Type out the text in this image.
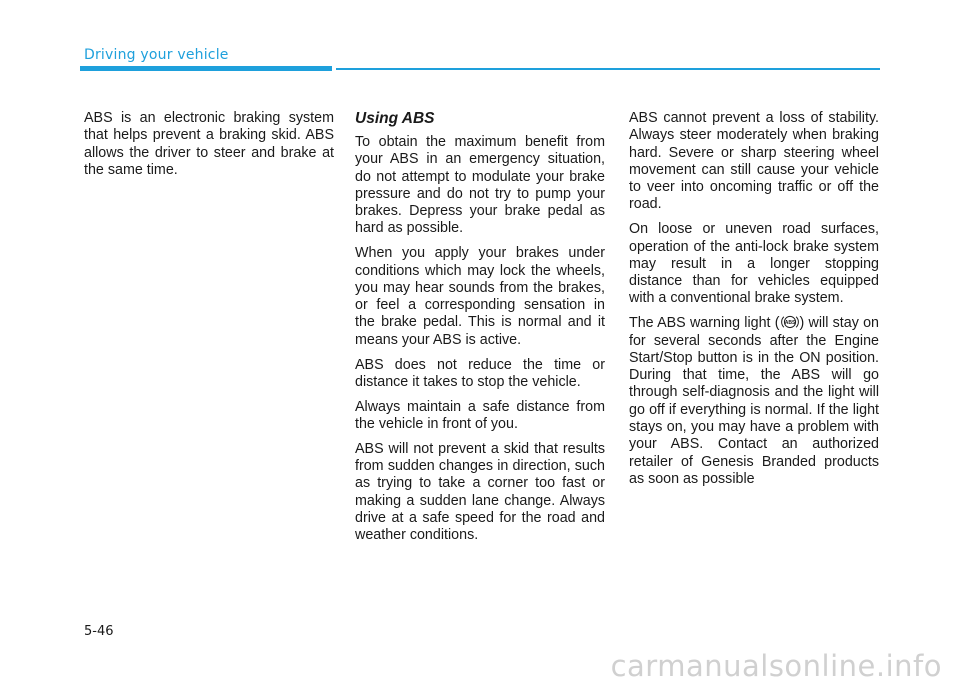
Driving your vehicle

ABS is an electronic braking system that helps prevent a braking skid. ABS allows the driver to steer and brake at the same time.

Using ABS

To obtain the maximum benefit from your ABS in an emergency situation, do not attempt to modulate your brake pressure and do not try to pump your brakes. Depress your brake pedal as hard as possible.

When you apply your brakes under conditions which may lock the wheels, you may hear sounds from the brakes, or feel a corresponding sensation in the brake pedal. This is normal and it means your ABS is active.

ABS does not reduce the time or distance it takes to stop the vehicle.

Always maintain a safe distance from the vehicle in front of you.

ABS will not prevent a skid that results from sudden changes in direction, such as trying to take a corner too fast or making a sudden lane change. Always drive at a safe speed for the road and weather conditions.

ABS cannot prevent a loss of stability. Always steer moderately when braking hard. Severe or sharp steering wheel movement can still cause your vehicle to veer into oncoming traffic or off the road.

On loose or uneven road surfaces, operation of the anti-lock brake system may result in a longer stopping distance than for vehicles equipped with a conventional brake system.

The ABS warning light ( ABS ) will stay on for several seconds after the Engine Start/Stop button is in the ON position. During that time, the ABS will go through self-diagnosis and the light will go off if everything is normal. If the light stays on, you may have a problem with your ABS. Contact an authorized retailer of Genesis Branded products as soon as possible

5-46
carmanualsonline.info
